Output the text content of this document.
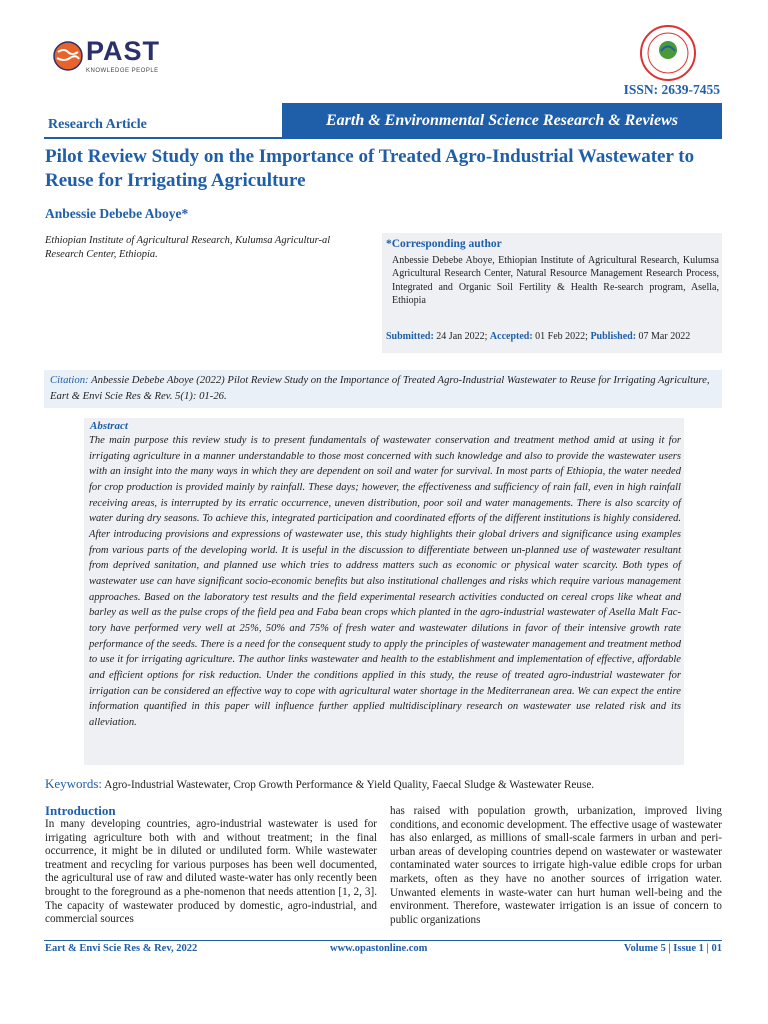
PAST
KNOWLEDGE PEOPLE
ISSN: 2639-7455
Research Article	Earth & Environmental Science Research & Reviews
Pilot Review Study on the Importance of Treated Agro-Industrial Wastewater to Reuse for Irrigating Agriculture
Anbessie Debebe Aboye*
Ethiopian Institute of Agricultural Research, Kulumsa Agricultur-al Research Center, Ethiopia.
*Corresponding author
Anbessie Debebe Aboye, Ethiopian Institute of Agricultural Research, Kulumsa Agricultural Research Center, Natural Resource Management Research Process, Integrated and Organic Soil Fertility & Health Re-search program, Asella, Ethiopia
Submitted: 24 Jan 2022; Accepted: 01 Feb 2022; Published: 07 Mar 2022
Citation: Anbessie Debebe Aboye (2022) Pilot Review Study on the Importance of Treated Agro-Industrial Wastewater to Reuse for Irrigating Agriculture, Eart & Envi Scie Res & Rev. 5(1): 01-26.
Abstract
The main purpose this review study is to present fundamentals of wastewater conservation and treatment method amid at using it for irrigating agriculture in a manner understandable to those most concerned with such knowledge and also to provide the wastewater users with an insight into the many ways in which they are dependent on soil and water for survival. In most parts of Ethiopia, the water needed for crop production is provided mainly by rainfall. These days; however, the effectiveness and sufficiency of rain fall, even in high rainfall receiving areas, is interrupted by its erratic occurrence, uneven distribution, poor soil and water managements. There is also scarcity of water during dry seasons. To achieve this, integrated participation and coordinated efforts of the different institutions is highly considered. After introducing provisions and expressions of wastewater use, this study highlights their global drivers and significance using examples from various parts of the developing world. It is useful in the discussion to differentiate between un-planned use of wastewater resultant from deprived sanitation, and planned use which tries to address matters such as economic or physical water scarcity. Both types of wastewater use can have significant socio-economic benefits but also institutional challenges and risks which require various management approaches. Based on the laboratory test results and the field experimental research activities conducted on cereal crops like wheat and barley as well as the pulse crops of the field pea and Faba bean crops which planted in the agro-industrial wastewater of Asella Malt Fac-tory have performed very well at 25%, 50% and 75% of fresh water and wastewater dilutions in favor of their intensive growth rate performance of the seeds. There is a need for the consequent study to apply the principles of wastewater management and treatment method to use it for irrigating agriculture. The author links wastewater and health to the establishment and implementation of effective, affordable and efficient options for risk reduction. Under the conditions applied in this study, the reuse of treated agro-industrial wastewater for irrigation can be considered an effective way to cope with agricultural water shortage in the Mediterranean area. We can expect the entire information quantified in this paper will influence further applied multidisciplinary research on wastewater use related risk and its alleviation.
Keywords: Agro-Industrial Wastewater, Crop Growth Performance & Yield Quality, Faecal Sludge & Wastewater Reuse.
Introduction
In many developing countries, agro-industrial wastewater is used for irrigating agriculture both with and without treatment; in the final occurrence, it might be in diluted or undiluted form. While wastewater treatment and recycling for various purposes has been well documented, the agricultural use of raw and diluted waste-water has only recently been brought to the foreground as a phe-nomenon that needs attention [1, 2, 3]. The capacity of wastewater produced by domestic, agro-industrial, and commercial sources
has raised with population growth, urbanization, improved living conditions, and economic development. The effective usage of wastewater has also enlarged, as millions of small-scale farmers in urban and peri-urban areas of developing countries depend on wastewater or wastewater contaminated water sources to irrigate high-value edible crops for urban markets, often as they have no another sources of irrigation water. Unwanted elements in waste-water can hurt human well-being and the environment. Therefore, wastewater irrigation is an issue of concern to public organizations
Eart & Envi Scie Res & Rev, 2022	www.opastonline.com	Volume 5 | Issue 1 | 01
